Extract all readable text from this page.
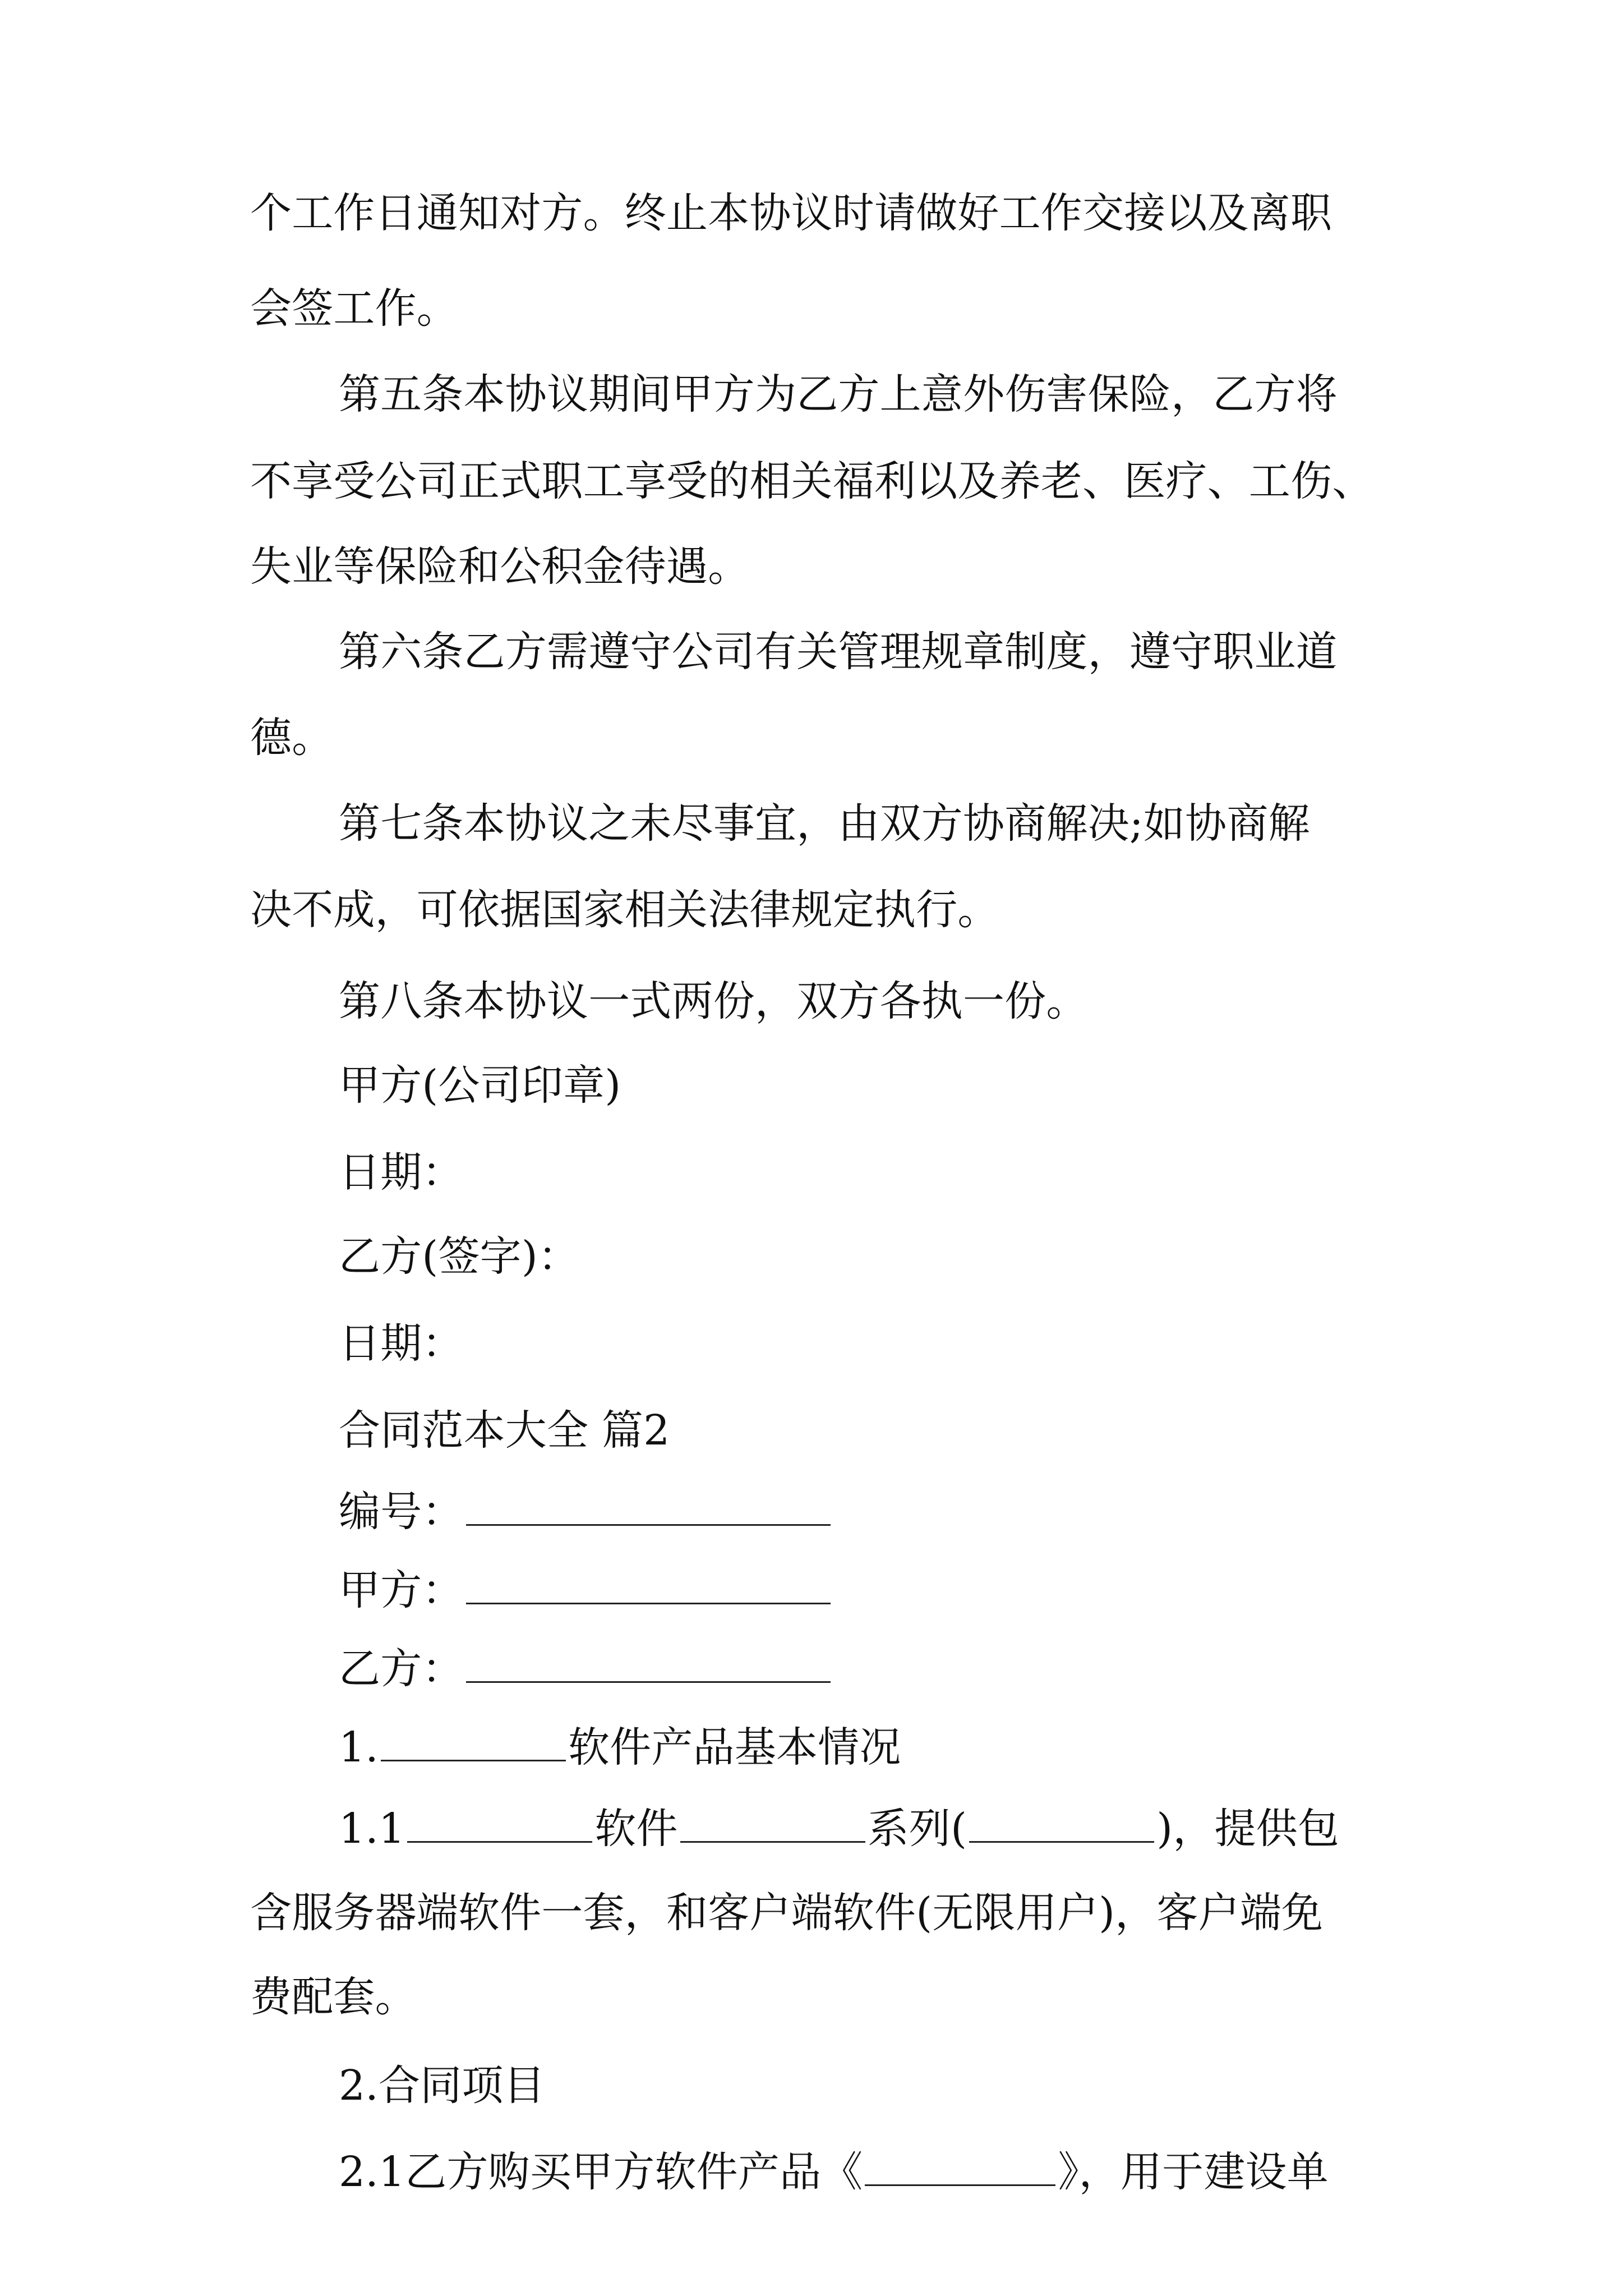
个工作日通知对方。终止本协议时请做好工作交接以及离职
会签工作。
第五条本协议期间甲方为乙方上意外伤害保险，乙方将
不享受公司正式职工享受的相关福利以及养老、医疗、工伤、
失业等保险和公积金待遇。
第六条乙方需遵守公司有关管理规章制度，遵守职业道
德。
第七条本协议之未尽事宜，由双方协商解决;如协商解
决不成，可依据国家相关法律规定执行。
第八条本协议一式两份，双方各执一份。
甲方(公司印章)
日期：
乙方(签字)：
日期：
合同范本大全 篇2
编号：
甲方：
乙方：
1.	软件产品基本情况
1.1	软件	系列(	)，提供包
含服务器端软件一套，和客户端软件(无限用户)，客户端免
费配套。
2.合同项目
2.1乙方购买甲方软件产品《	》，用于建设单
